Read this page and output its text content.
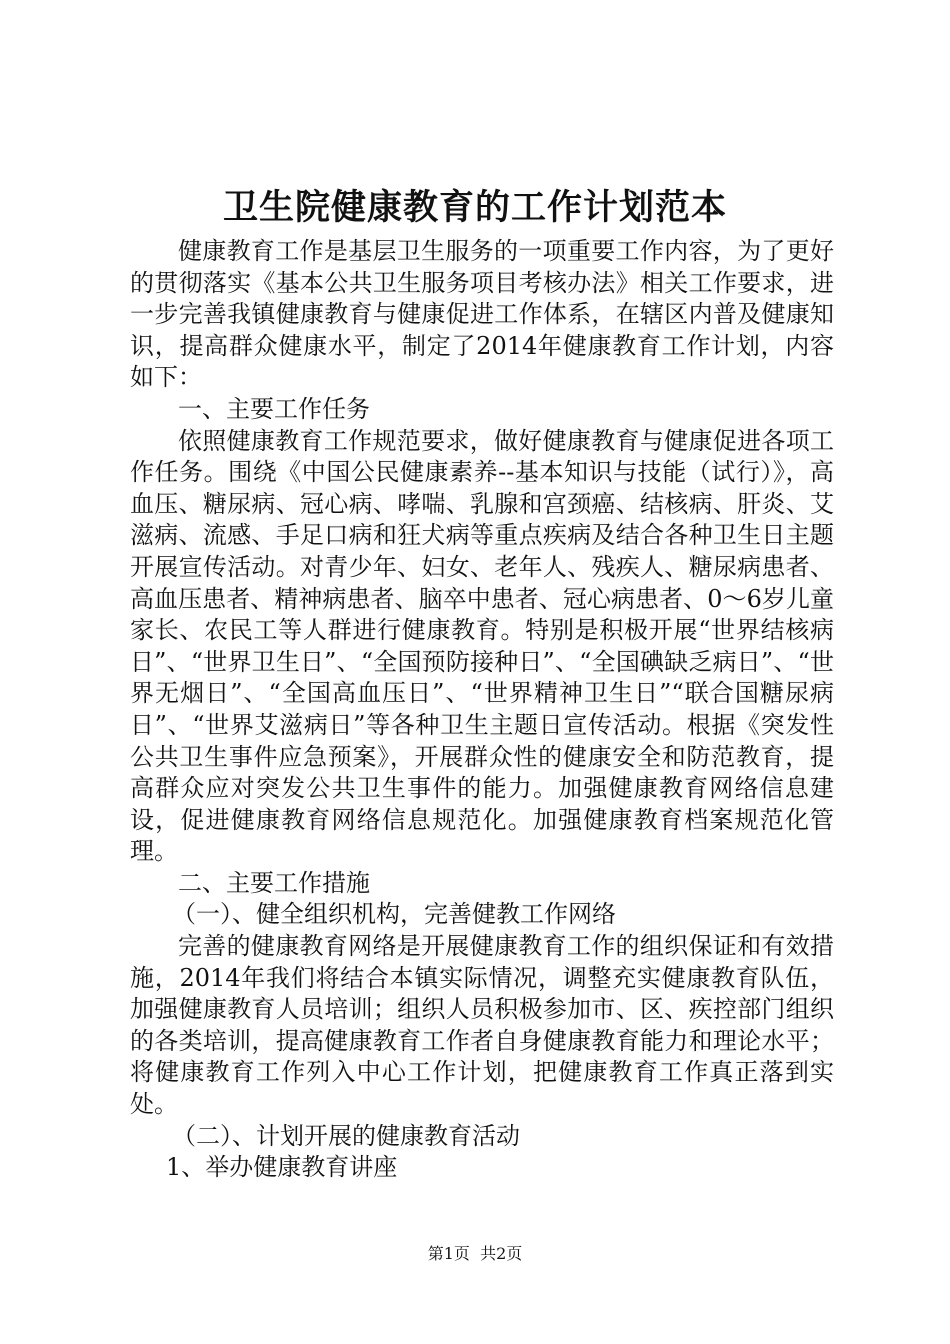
卫生院健康教育的工作计划范本

健康教育工作是基层卫生服务的一项重要工作内容，为了更好的贯彻落实《基本公共卫生服务项目考核办法》相关工作要求，进一步完善我镇健康教育与健康促进工作体系，在辖区内普及健康知识，提高群众健康水平，制定了2014年健康教育工作计划，内容如下：

一、主要工作任务

依照健康教育工作规范要求，做好健康教育与健康促进各项工作任务。围绕《中国公民健康素养--基本知识与技能（试行）》，高血压、糖尿病、冠心病、哮喘、乳腺和宫颈癌、结核病、肝炎、艾滋病、流感、手足口病和狂犬病等重点疾病及结合各种卫生日主题开展宣传活动。对青少年、妇女、老年人、残疾人、糖尿病患者、高血压患者、精神病患者、脑卒中患者、冠心病患者、0～6岁儿童家长、农民工等人群进行健康教育。特别是积极开展“世界结核病日”、“世界卫生日”、“全国预防接种日”、“全国碘缺乏病日”、“世界无烟日”、“全国高血压日”、“世界精神卫生日”“联合国糖尿病日”、“世界艾滋病日”等各种卫生主题日宣传活动。根据《突发性公共卫生事件应急预案》，开展群众性的健康安全和防范教育，提高群众应对突发公共卫生事件的能力。加强健康教育网络信息建设，促进健康教育网络信息规范化。加强健康教育档案规范化管理。

二、主要工作措施

（一）、健全组织机构，完善健教工作网络

完善的健康教育网络是开展健康教育工作的组织保证和有效措施，2014年我们将结合本镇实际情况，调整充实健康教育队伍，加强健康教育人员培训；组织人员积极参加市、区、疾控部门组织的各类培训，提高健康教育工作者自身健康教育能力和理论水平；将健康教育工作列入中心工作计划，把健康教育工作真正落到实处。

（二）、计划开展的健康教育活动

1、举办健康教育讲座

第1页  共2页
